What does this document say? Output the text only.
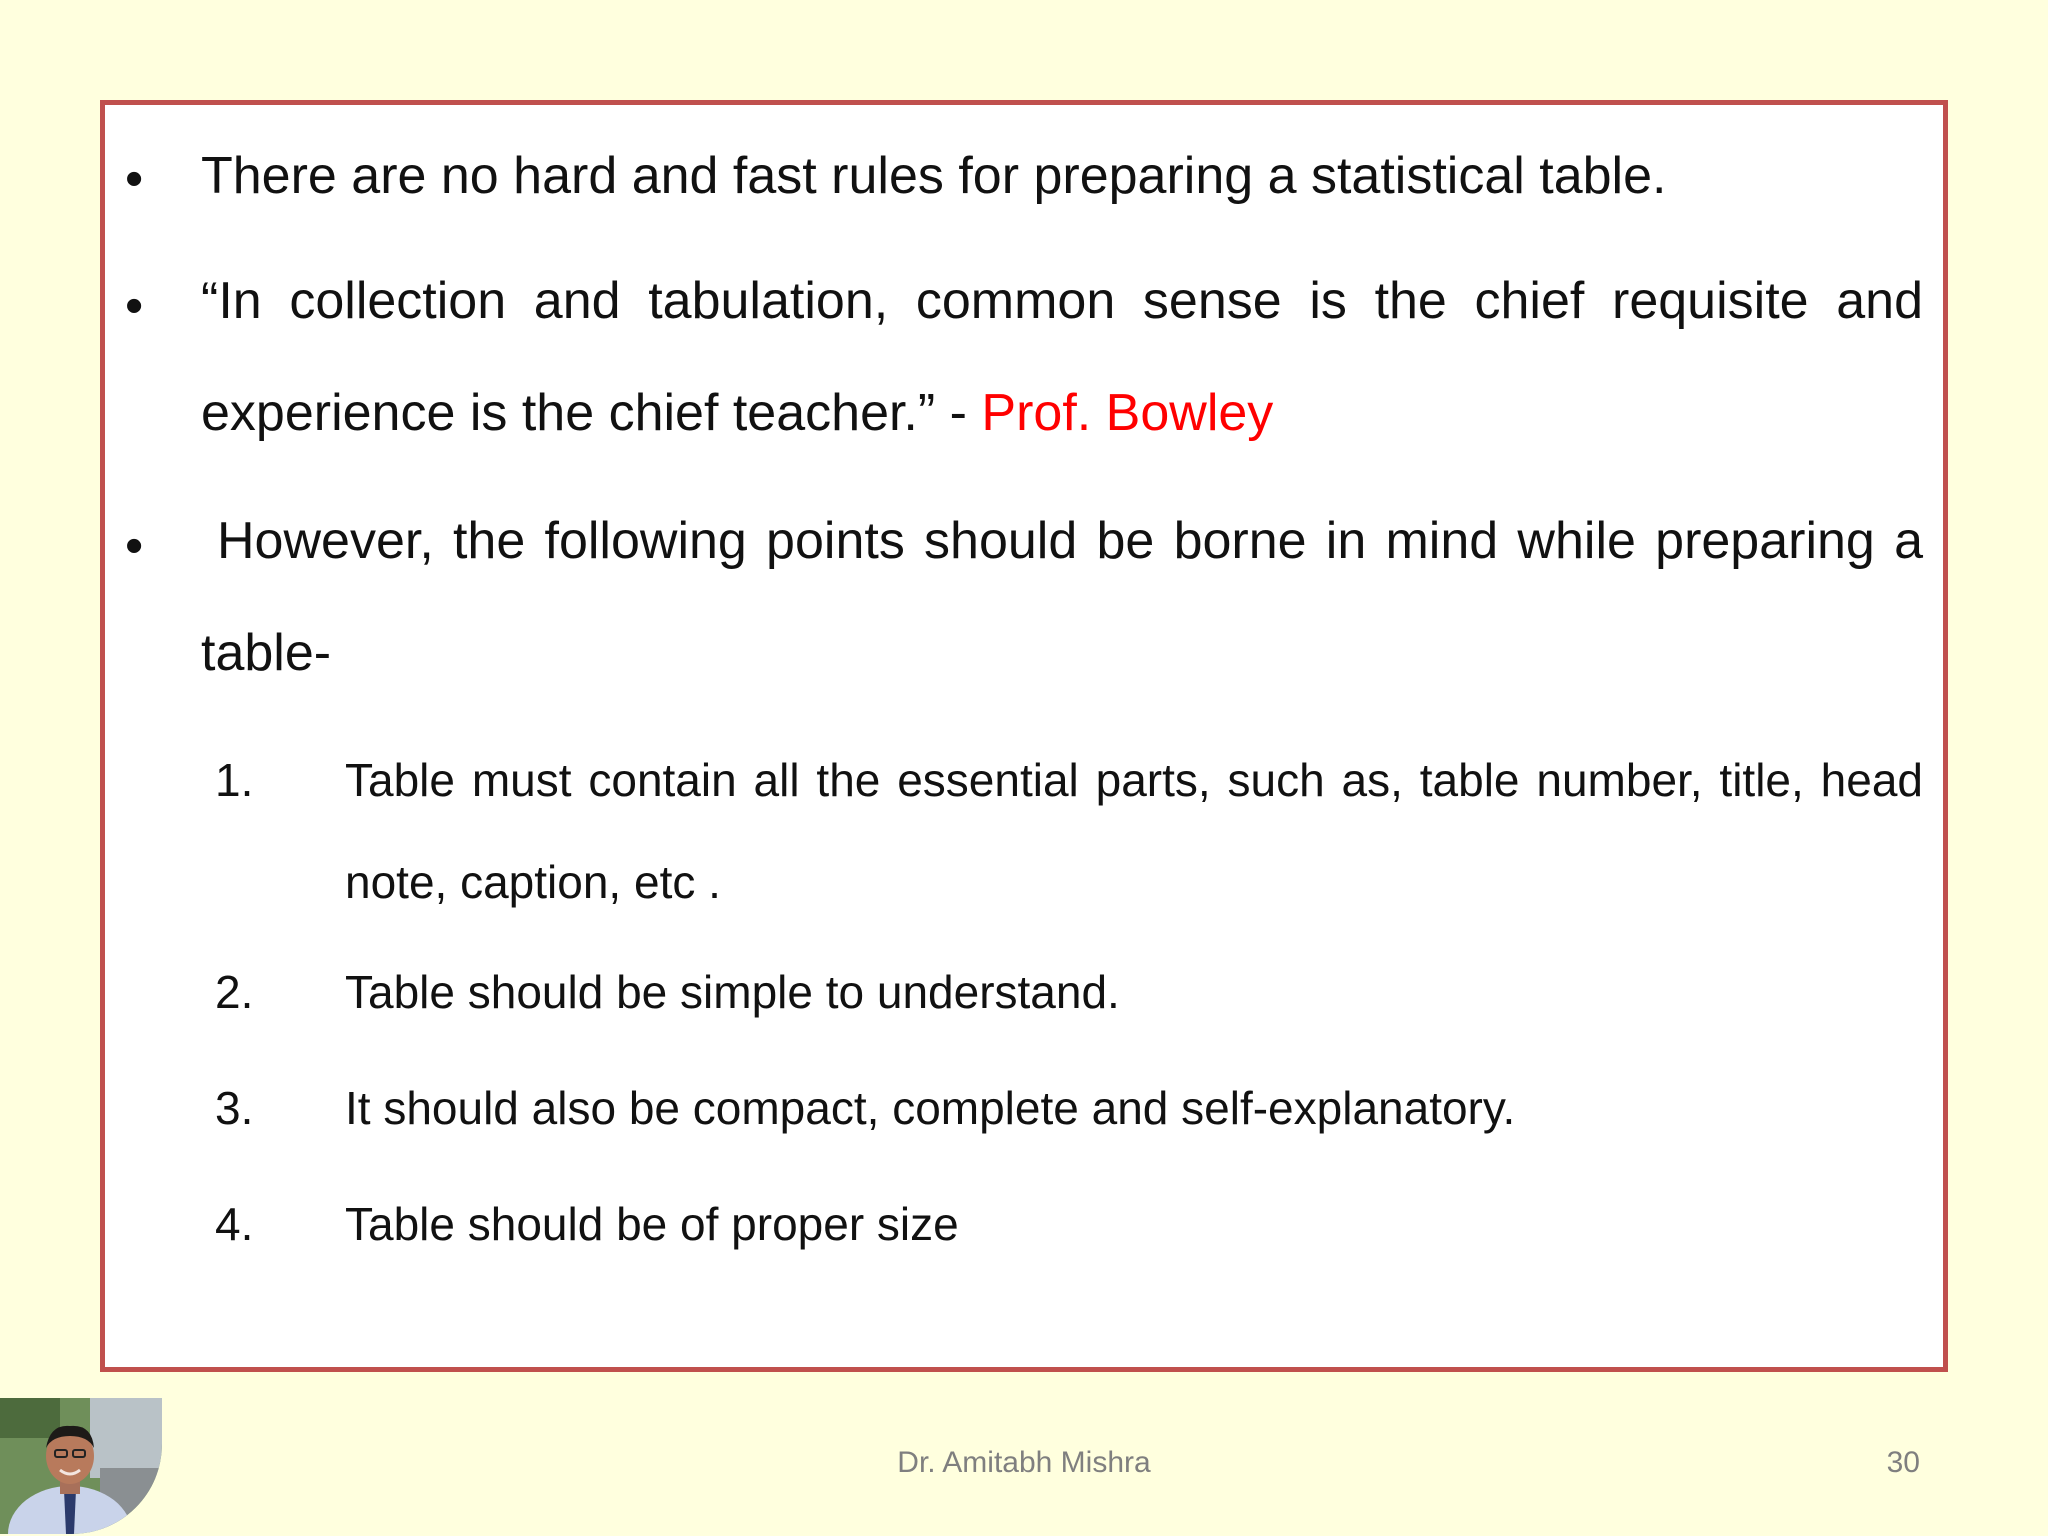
• There are no hard and fast rules for preparing a statistical table.
• “In collection and tabulation, common sense is the chief requisite and experience is the chief teacher.” - Prof. Bowley
•	However, the following points should be borne in mind while preparing a table-
1. Table must contain all the essential parts, such as, table number, title, head note, caption, etc .
2. Table should be simple to understand.
3. It should also be compact, complete and self-explanatory.
4. Table should be of proper size
Dr. Amitabh Mishra	30
